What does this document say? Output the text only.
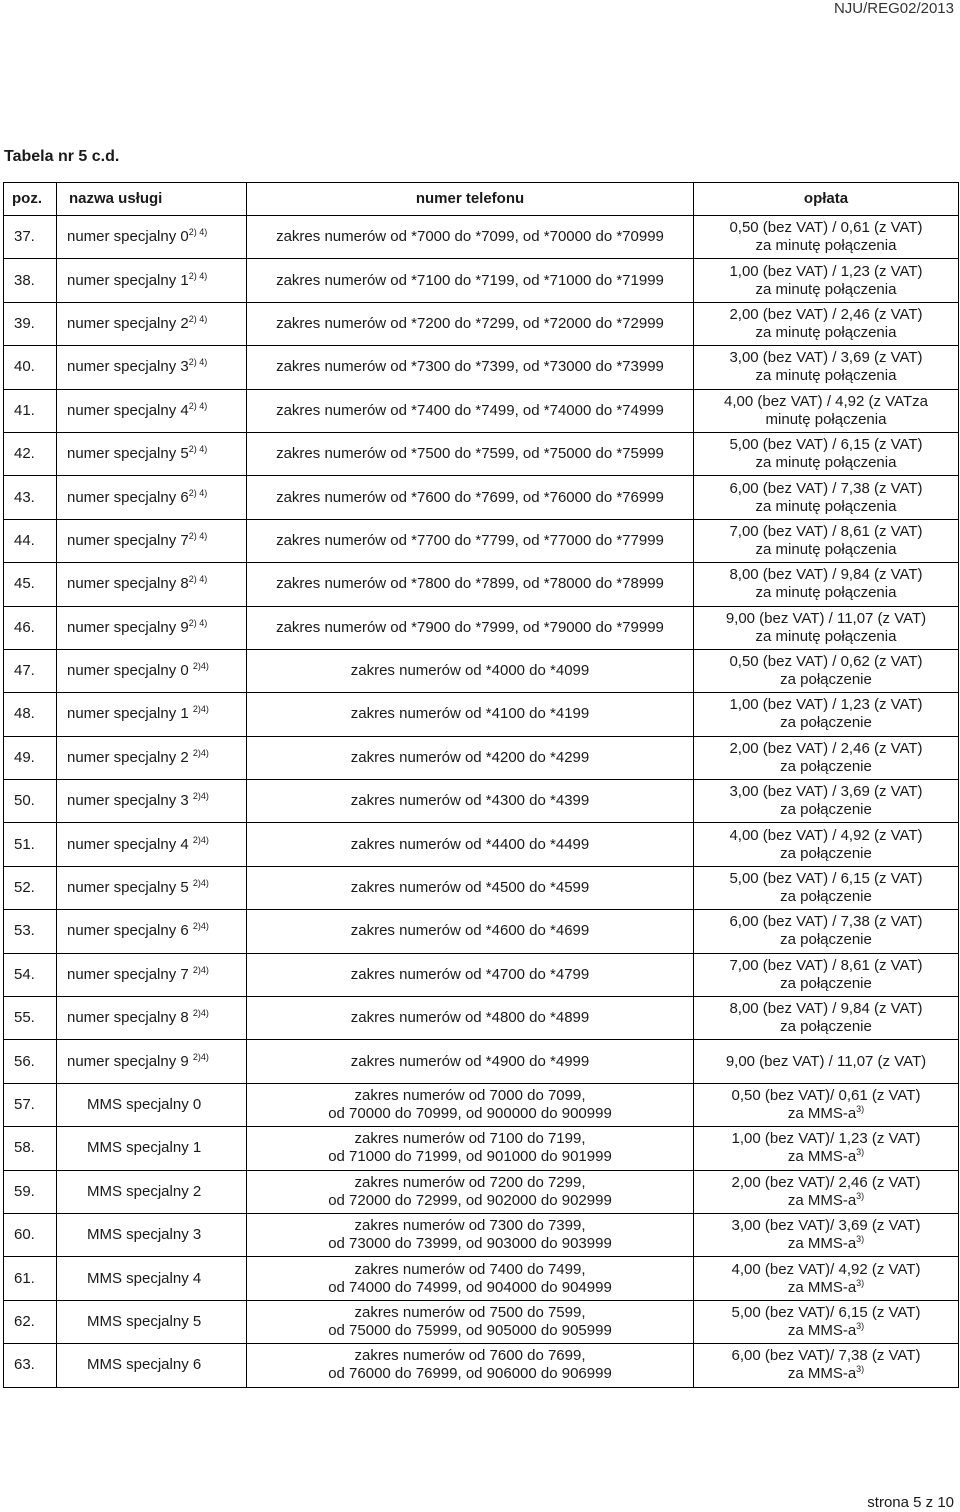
NJU/REG02/2013
Tabela nr 5 c.d.
poz.	nazwa usługi	numer telefonu	opłata
37.	numer specjalny $0^{2) 4)}$	zakres numerów od *7000 do *7099, od *70000 do *70999	0,50 (bez VAT) / 0,61 (z VAT)
za minutę połączenia

38.	numer specjalny $1^{2) 4)}$	zakres numerów od *7100 do *7199, od *71000 do *71999	1,00 (bez VAT) / 1,23 (z VAT)
za minutę połączenia

39.	numer specjalny $2^{2) 4)}$	zakres numerów od *7200 do *7299, od *72000 do *72999	2,00 (bez VAT) / 2,46 (z VAT)
za minutę połączenia

40.	numer specjalny $3^{2) 4)}$	zakres numerów od *7300 do *7399, od *73000 do *73999	3,00 (bez VAT) / 3,69 (z VAT)
za minutę połączenia

41.	numer specjalny $4^{2) 4)}$	zakres numerów od *7400 do *7499, od *74000 do *74999	4,00 (bez VAT) / 4,92 (z VATza
minutę połączenia

42.	numer specjalny $5^{2) 4)}$	zakres numerów od *7500 do *7599, od *75000 do *75999	5,00 (bez VAT) / 6,15 (z VAT)
za minutę połączenia

43.	numer specjalny $6^{2) 4)}$	zakres numerów od *7600 do *7699, od *76000 do *76999	6,00 (bez VAT) / 7,38 (z VAT)
za minutę połączenia

44.	numer specjalny $7^{2) 4)}$	zakres numerów od *7700 do *7799, od *77000 do *77999	7,00 (bez VAT) / 8,61 (z VAT)
za minutę połączenia

45.	numer specjalny $8^{2) 4)}$	zakres numerów od *7800 do *7899, od *78000 do *78999	8,00 (bez VAT) / 9,84 (z VAT)
za minutę połączenia

46.	numer specjalny $9^{2) 4)}$	zakres numerów od *7900 do *7999, od *79000 do *79999	9,00 (bez VAT) / 11,07 (z VAT)
za minutę połączenia

47.	numer specjalny 0 $^{2)4)}$	zakres numerów od *4000 do *4099	0,50 (bez VAT) / 0,62 (z VAT)
za połączenie

48.	numer specjalny 1 $^{2)4)}$	zakres numerów od *4100 do *4199	1,00 (bez VAT) / 1,23 (z VAT)
za połączenie

49.	numer specjalny 2 $^{2)4)}$	zakres numerów od *4200 do *4299	2,00 (bez VAT) / 2,46 (z VAT)
za połączenie

50.	numer specjalny 3 $^{2)4)}$	zakres numerów od *4300 do *4399	3,00 (bez VAT) / 3,69 (z VAT)
za połączenie

51.	numer specjalny 4 $^{2)4)}$	zakres numerów od *4400 do *4499	4,00 (bez VAT) / 4,92 (z VAT)
za połączenie

52.	numer specjalny 5 $^{2)4)}$	zakres numerów od *4500 do *4599	5,00 (bez VAT) / 6,15 (z VAT)
za połączenie

53.	numer specjalny 6 $^{2)4)}$	zakres numerów od *4600 do *4699	6,00 (bez VAT) / 7,38 (z VAT)
za połączenie

54.	numer specjalny 7 $^{2)4)}$	zakres numerów od *4700 do *4799	7,00 (bez VAT) / 8,61 (z VAT)
za połączenie

55.	numer specjalny 8 $^{2)4)}$	zakres numerów od *4800 do *4899	8,00 (bez VAT) / 9,84 (z VAT)
za połączenie

56.	numer specjalny 9 $^{2)4)}$	zakres numerów od *4900 do *4999	9,00 (bez VAT) / 11,07 (z VAT)

57.	MMS specjalny 0	zakres numerów od 7000 do 7099,
od 70000 do 70999, od 900000 do 900999	0,50 (bez VAT)/ 0,61 (z VAT)
za MMS-$a^{3)}$

58.	MMS specjalny 1	zakres numerów od 7100 do 7199,
od 71000 do 71999, od 901000 do 901999	1,00 (bez VAT)/ 1,23 (z VAT)
za MMS-$a^{3)}$

59.	MMS specjalny 2	zakres numerów od 7200 do 7299,
od 72000 do 72999, od 902000 do 902999	2,00 (bez VAT)/ 2,46 (z VAT)
za MMS-$a^{3)}$

60.	MMS specjalny 3	zakres numerów od 7300 do 7399,
od 73000 do 73999, od 903000 do 903999	3,00 (bez VAT)/ 3,69 (z VAT)
za MMS-$a^{3)}$

61.	MMS specjalny 4	zakres numerów od 7400 do 7499,
od 74000 do 74999, od 904000 do 904999	4,00 (bez VAT)/ 4,92 (z VAT)
za MMS-$a^{3)}$

62.	MMS specjalny 5	zakres numerów od 7500 do 7599,
od 75000 do 75999, od 905000 do 905999	5,00 (bez VAT)/ 6,15 (z VAT)
za MMS-$a^{3)}$

63.	MMS specjalny 6	zakres numerów od 7600 do 7699,
od 76000 do 76999, od 906000 do 906999	6,00 (bez VAT)/ 7,38 (z VAT)
za MMS-$a^{3)}$
strona 5 z 10
